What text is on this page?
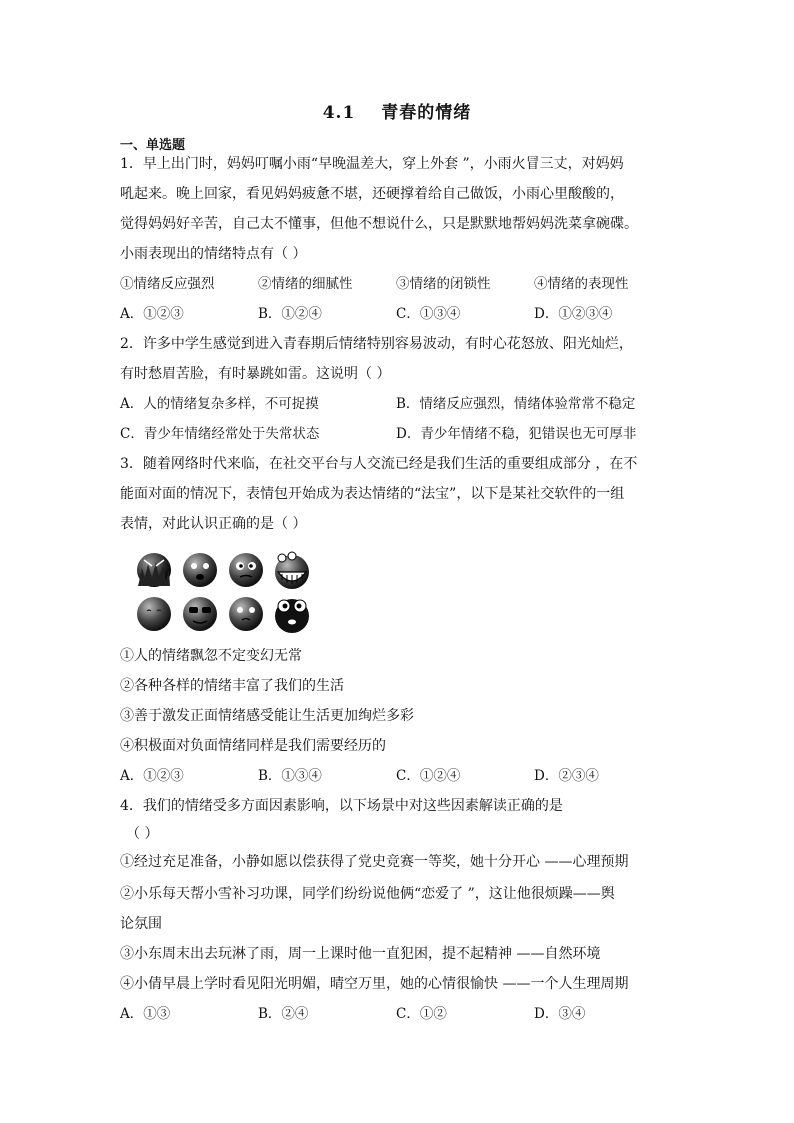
4.1 青春的情绪
一、单选题
1．早上出门时，妈妈叮嘱小雨“早晚温差大，穿上外套 ”，小雨火冒三丈，对妈妈
吼起来。晚上回家，看见妈妈疲惫不堪，还硬撑着给自己做饭，小雨心里酸酸的，
觉得妈妈好辛苦，自己太不懂事，但他不想说什么，只是默默地帮妈妈洗菜拿碗碟。
小雨表现出的情绪特点有（ ）
①情绪反应强烈	②情绪的细腻性	③情绪的闭锁性	④情绪的表现性
A．①②③	B．①②④	C．①③④	D．①②③④
2．许多中学生感觉到进入青春期后情绪特别容易波动，有时心花怒放、阳光灿烂，
有时愁眉苦脸，有时暴跳如雷。这说明（ ）
A．人的情绪复杂多样，不可捉摸	B．情绪反应强烈，情绪体验常常不稳定
C．青少年情绪经常处于失常状态	D．青少年情绪不稳，犯错误也无可厚非
3．随着网络时代来临，在社交平台与人交流已经是我们生活的重要组成部分 ，在不
能面对面的情况下，表情包开始成为表达情绪的“法宝”，以下是某社交软件的一组
表情，对此认识正确的是（ ）
①人的情绪飘忽不定变幻无常
②各种各样的情绪丰富了我们的生活
③善于激发正面情绪感受能让生活更加绚烂多彩
④积极面对负面情绪同样是我们需要经历的
A．①②③	B．①③④	C．①②④	D．②③④
4．我们的情绪受多方面因素影响，以下场景中对这些因素解读正确的是
（ ）
①经过充足准备，小静如愿以偿获得了党史竞赛一等奖，她十分开心 ——心理预期
②小乐每天帮小雪补习功课，同学们纷纷说他俩“恋爱了 ”，这让他很烦躁——舆
论氛围
③小东周末出去玩淋了雨，周一上课时他一直犯困，提不起精神 ——自然环境
④小倩早晨上学时看见阳光明媚，晴空万里，她的心情很愉快 ——一个人生理周期
A．①③	B．②④	C．①②	D．③④
